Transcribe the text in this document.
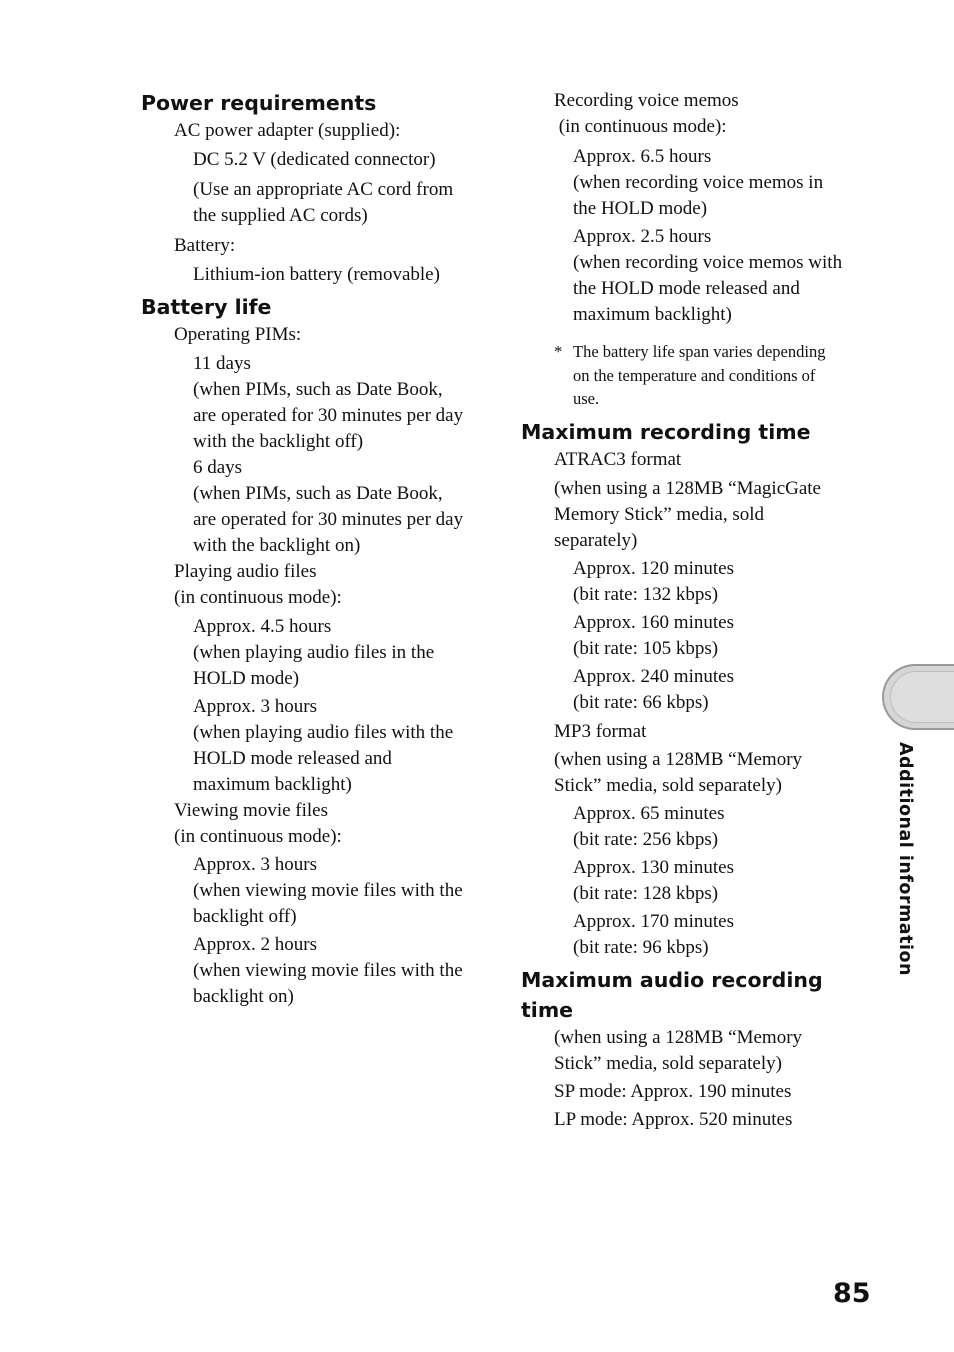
Power requirements

AC power adapter (supplied):

DC 5.2 V (dedicated connector)

(Use an appropriate AC cord from

the supplied AC cords)

Battery:

Lithium-ion battery (removable)

Battery life

Operating PIMs:

11 days

(when PIMs, such as Date Book,

are operated for 30 minutes per day

with the backlight off)

6 days

(when PIMs, such as Date Book,

are operated for 30 minutes per day

with the backlight on)

Playing audio files

(in continuous mode):

Approx. 4.5 hours

(when playing audio files in the

HOLD mode)

Approx. 3 hours

(when playing audio files with the

HOLD mode released and

maximum backlight)

Viewing movie files

(in continuous mode):

Approx. 3 hours

(when viewing movie files with the

backlight off)

Approx. 2 hours

(when viewing movie files with the

backlight on)

Recording voice memos

(in continuous mode):

Approx. 6.5 hours

(when recording voice memos in

the HOLD mode)

Approx. 2.5 hours

(when recording voice memos with

the HOLD mode released and

maximum backlight)

* The battery life span varies depending
on the temperature and conditions of
use.

Maximum recording time

ATRAC3 format

(when using a 128MB “MagicGate

Memory Stick” media, sold

separately)

Approx. 120 minutes

(bit rate: 132 kbps)

Approx. 160 minutes

(bit rate: 105 kbps)

Approx. 240 minutes

(bit rate: 66 kbps)

MP3 format

(when using a 128MB “Memory

Stick” media, sold separately)

Approx. 65 minutes

(bit rate: 256 kbps)

Approx. 130 minutes

(bit rate: 128 kbps)

Approx. 170 minutes

(bit rate: 96 kbps)

Maximum audio recording

time

(when using a 128MB “Memory

Stick” media, sold separately)

SP mode: Approx. 190 minutes

LP mode: Approx. 520 minutes

Additional information
85
